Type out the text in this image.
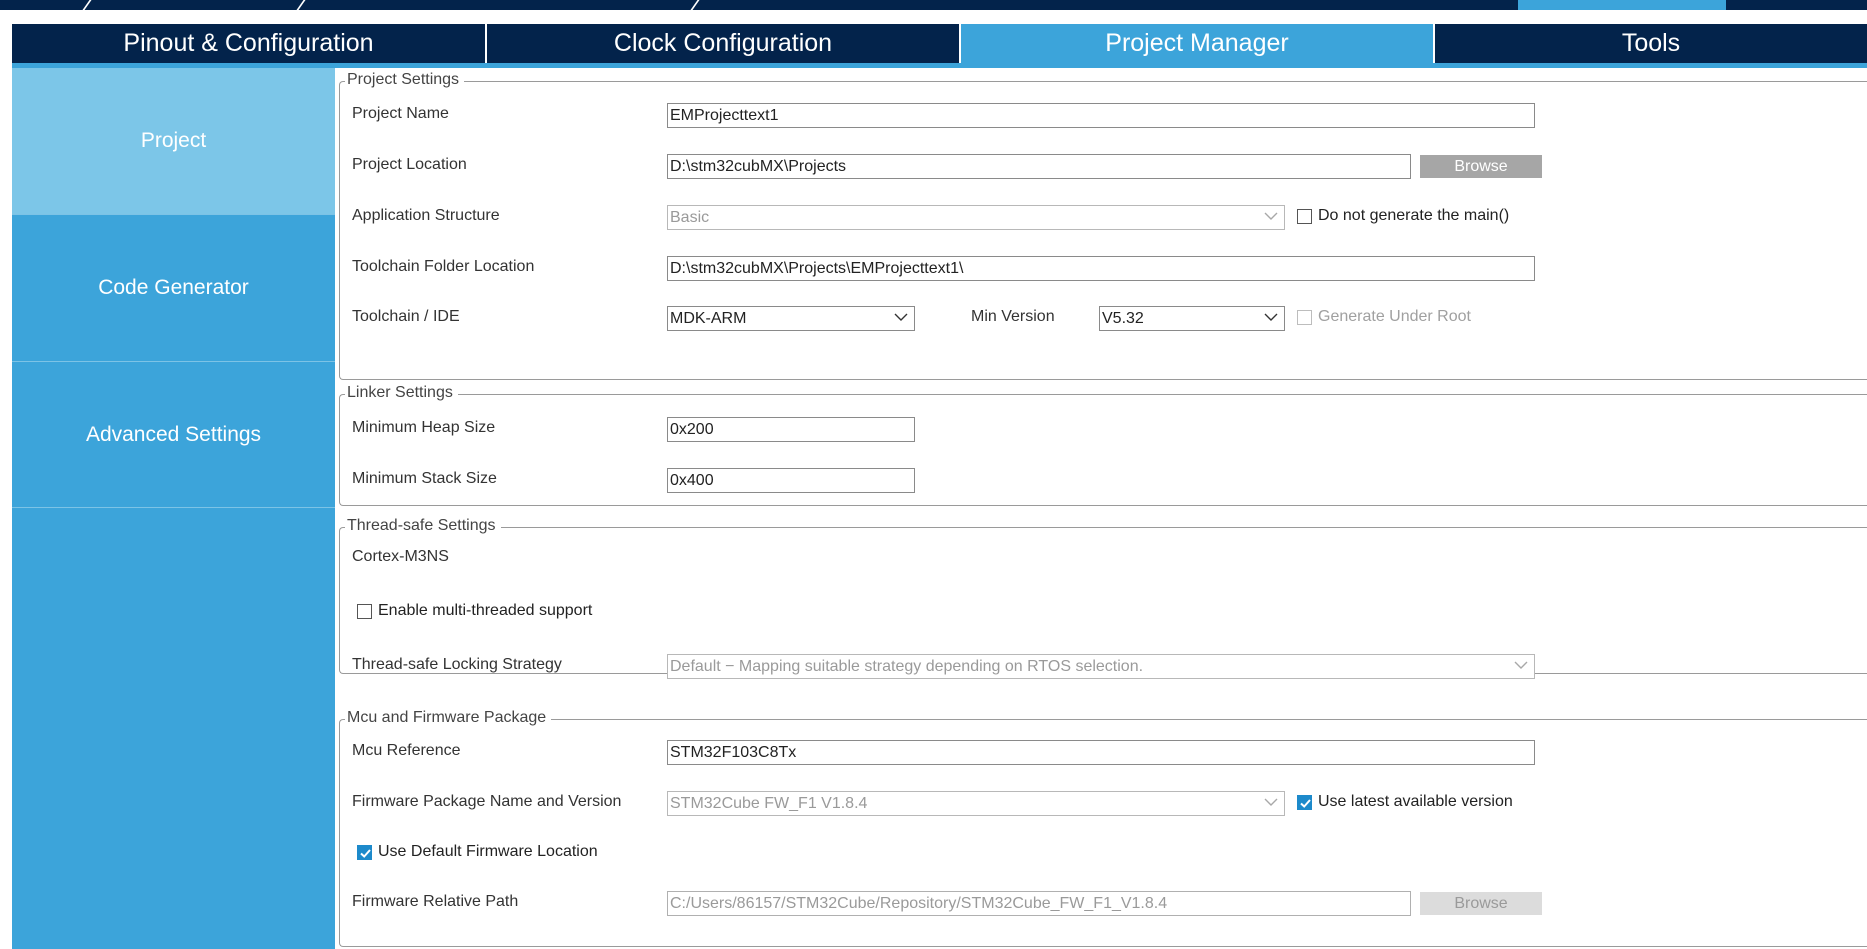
Pinout & Configuration	Clock Configuration	Project Manager	Tools
Project
Code Generator
Advanced Settings
Project Settings
Project Name	EMProjecttext1
Project Location	D:\stm32cubMX\Projects	Browse
Application Structure	Basic	Do not generate the main()
Toolchain Folder Location	D:\stm32cubMX\Projects\EMProjecttext1\
Toolchain / IDE	MDK-ARM	Min Version	V5.32	Generate Under Root
Linker Settings
Minimum Heap Size	0x200
Minimum Stack Size	0x400
Thread-safe Settings
Cortex-M3NS
Enable multi-threaded support
Thread-safe Locking Strategy	Default − Mapping suitable strategy depending on RTOS selection.
Mcu and Firmware Package
Mcu Reference	STM32F103C8Tx
Firmware Package Name and Version	STM32Cube FW_F1 V1.8.4	Use latest available version
Use Default Firmware Location
Firmware Relative Path	C:/Users/86157/STM32Cube/Repository/STM32Cube_FW_F1_V1.8.4	Browse
